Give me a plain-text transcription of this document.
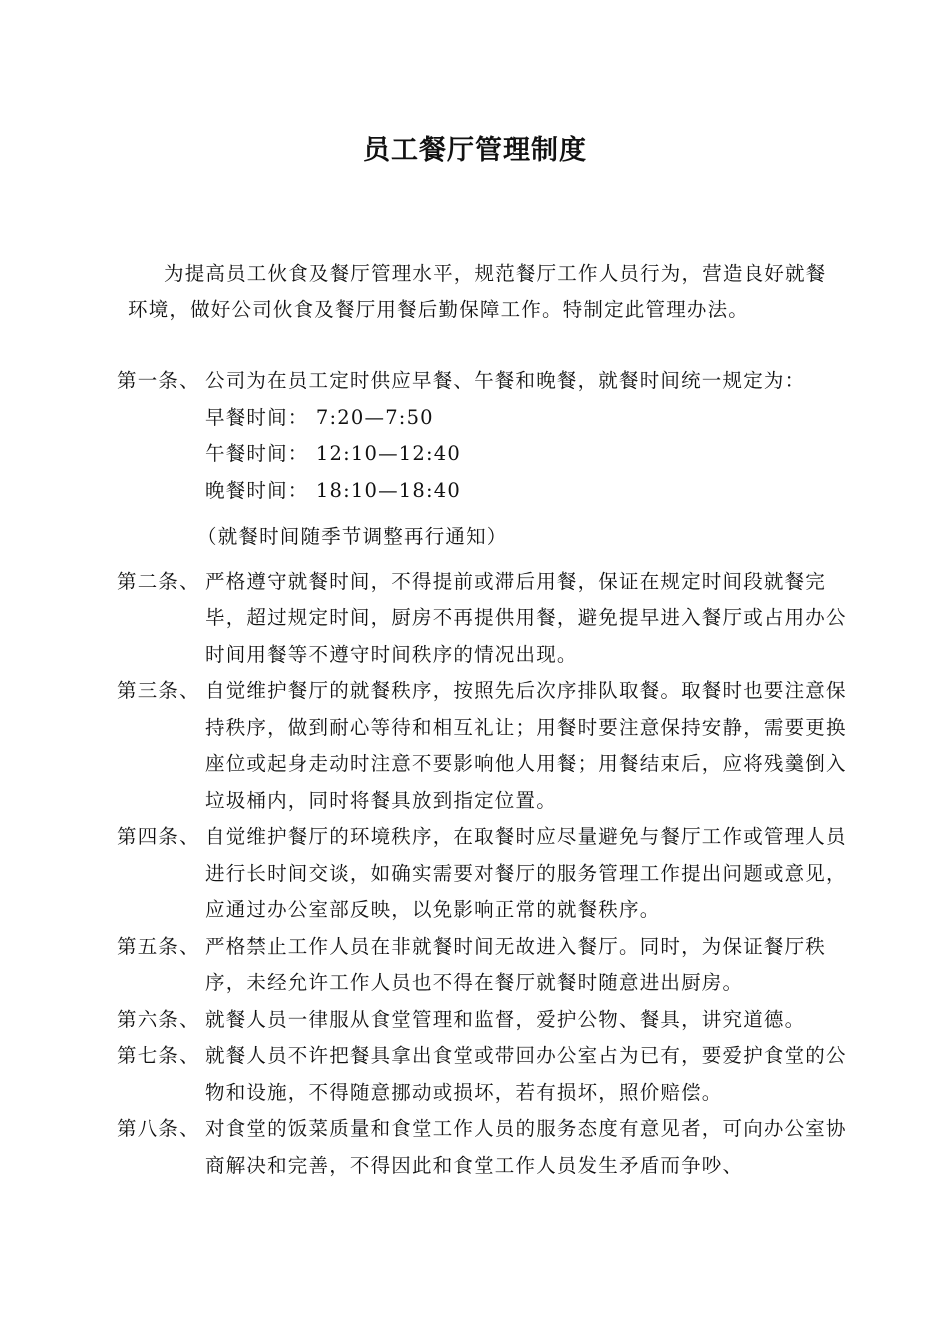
员工餐厅管理制度
为提高员工伙食及餐厅管理水平，规范餐厅工作人员行为，营造良好就餐环境，做好公司伙食及餐厅用餐后勤保障工作。特制定此管理办法。
第一条、 公司为在员工定时供应早餐、午餐和晚餐，就餐时间统一规定为：
早餐时间： 7:20—7:50
午餐时间： 12:10—12:40
晚餐时间： 18:10—18:40
（就餐时间随季节调整再行通知）
第二条、 严格遵守就餐时间，不得提前或滞后用餐，保证在规定时间段就餐完毕，超过规定时间，厨房不再提供用餐，避免提早进入餐厅或占用办公时间用餐等不遵守时间秩序的情况出现。
第三条、 自觉维护餐厅的就餐秩序，按照先后次序排队取餐。取餐时也要注意保持秩序，做到耐心等待和相互礼让；用餐时要注意保持安静，需要更换座位或起身走动时注意不要影响他人用餐；用餐结束后，应将残羹倒入垃圾桶内，同时将餐具放到指定位置。
第四条、 自觉维护餐厅的环境秩序，在取餐时应尽量避免与餐厅工作或管理人员进行长时间交谈，如确实需要对餐厅的服务管理工作提出问题或意见，应通过办公室部反映，以免影响正常的就餐秩序。
第五条、 严格禁止工作人员在非就餐时间无故进入餐厅。同时，为保证餐厅秩序，未经允许工作人员也不得在餐厅就餐时随意进出厨房。
第六条、 就餐人员一律服从食堂管理和监督，爱护公物、餐具，讲究道德。
第七条、 就餐人员不许把餐具拿出食堂或带回办公室占为已有，要爱护食堂的公物和设施，不得随意挪动或损坏，若有损坏，照价赔偿。
第八条、 对食堂的饭菜质量和食堂工作人员的服务态度有意见者，可向办公室协商解决和完善，不得因此和食堂工作人员发生矛盾而争吵、
